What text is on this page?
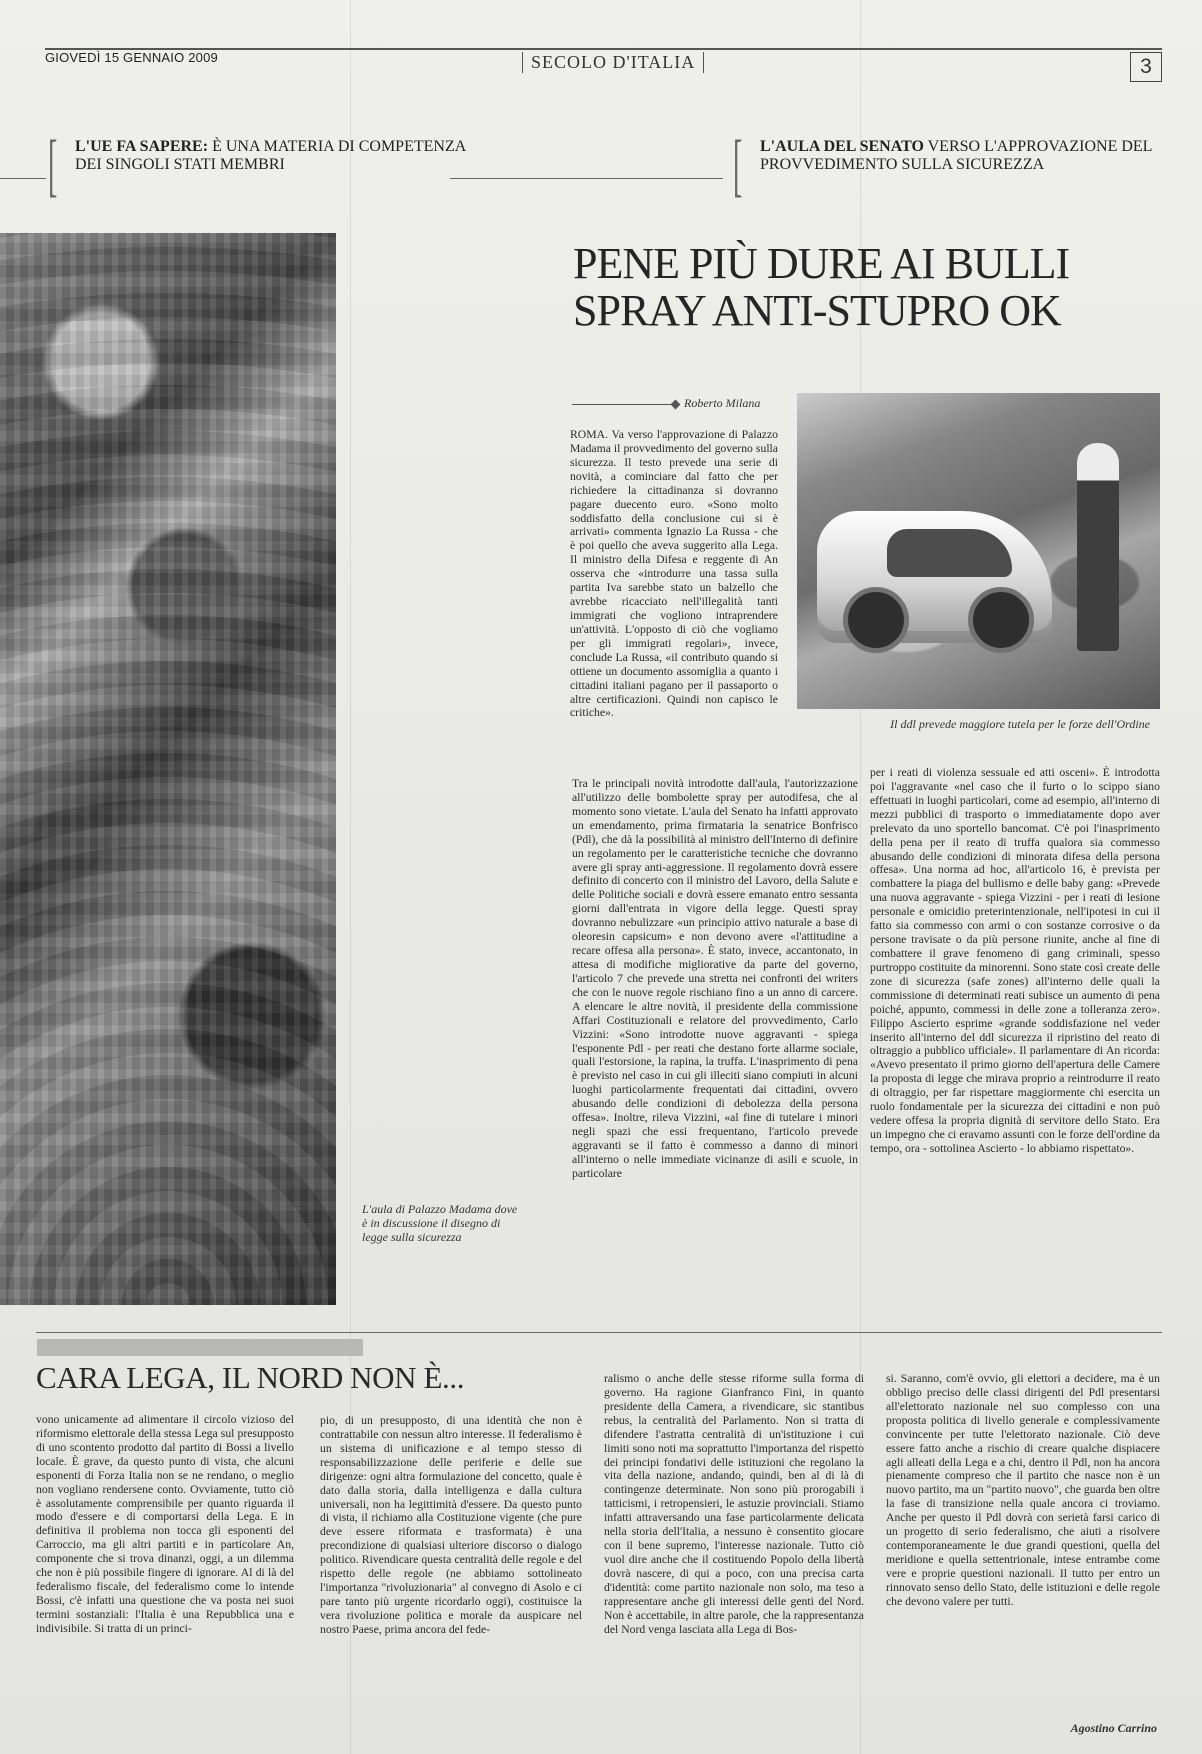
GIOVEDÌ 15 GENNAIO 2009	SECOLO D'ITALIA	3
[ L'UE FA SAPERE: È UNA MATERIA DI COMPETENZA DEI SINGOLI STATI MEMBRI	[ L'AULA DEL SENATO VERSO L'APPROVAZIONE DEL PROVVEDIMENTO SULLA SICUREZZA
PENE PIÙ DURE AI BULLI
SPRAY ANTI-STUPRO OK
L'aula di Palazzo Madama dove è in discussione il disegno di legge sulla sicurezza
Roberto Milana
Il ddl prevede maggiore tutela per le forze dell'Ordine
ROMA. Va verso l'approvazione di Palazzo Madama il provvedimento del governo sulla sicurezza. Il testo prevede una serie di novità, a cominciare dal fatto che per richiedere la cittadinanza si dovranno pagare duecento euro. «Sono molto soddisfatto della conclusione cui si è arrivati» commenta Ignazio La Russa - che è poi quello che aveva suggerito alla Lega. Il ministro della Difesa e reggente di An osserva che «introdurre una tassa sulla partita Iva sarebbe stato un balzello che avrebbe ricacciato nell'illegalità tanti immigrati che vogliono intraprendere un'attività. L'opposto di ciò che vogliamo per gli immigrati regolari», invece, conclude La Russa, «il contributo quando si ottiene un documento assomiglia a quanto i cittadini italiani pagano per il passaporto o altre certificazioni. Quindi non capisco le critiche».
Tra le principali novità introdotte dall'aula, l'autorizzazione all'utilizzo delle bombolette spray per autodifesa, che al momento sono vietate. L'aula del Senato ha infatti approvato un emendamento, prima firmataria la senatrice Bonfrisco (Pdl), che dà la possibilità al ministro dell'Interno di definire un regolamento per le caratteristiche tecniche che dovranno avere gli spray anti-aggressione. Il regolamento dovrà essere definito di concerto con il ministro del Lavoro, della Salute e delle Politiche sociali e dovrà essere emanato entro sessanta giorni dall'entrata in vigore della legge. Questi spray dovranno nebulizzare «un principio attivo naturale a base di oleoresin capsicum» e non devono avere «l'attitudine a recare offesa alla persona». È stato, invece, accantonato, in attesa di modifiche migliorative da parte del governo, l'articolo 7 che prevede una stretta nei confronti dei writers che con le nuove regole rischiano fino a un anno di carcere. A elencare le altre novità, il presidente della commissione Affari Costituzionali e relatore del provvedimento, Carlo Vizzini: «Sono introdotte nuove aggravanti - spiega l'esponente Pdl - per reati che destano forte allarme sociale, quali l'estorsione, la rapina, la truffa. L'inasprimento di pena è previsto nel caso in cui gli illeciti siano compiuti in alcuni luoghi particolarmente frequentati dai cittadini, ovvero abusando delle condizioni di debolezza della persona offesa». Inoltre, rileva Vizzini, «al fine di tutelare i minori negli spazi che essi frequentano, l'articolo prevede aggravanti se il fatto è commesso a danno di minori all'interno o nelle immediate vicinanze di asili e scuole, in particolare
per i reati di violenza sessuale ed atti osceni». È introdotta poi l'aggravante «nel caso che il furto o lo scippo siano effettuati in luoghi particolari, come ad esempio, all'interno di mezzi pubblici di trasporto o immediatamente dopo aver prelevato da uno sportello bancomat. C'è poi l'inasprimento della pena per il reato di truffa qualora sia commesso abusando delle condizioni di minorata difesa della persona offesa». Una norma ad hoc, all'articolo 16, è prevista per combattere la piaga del bullismo e delle baby gang: «Prevede una nuova aggravante - spiega Vizzini - per i reati di lesione personale e omicidio preterintenzionale, nell'ipotesi in cui il fatto sia commesso con armi o con sostanze corrosive o da persone travisate o da più persone riunite, anche al fine di combattere il grave fenomeno di gang criminali, spesso purtroppo costituite da minorenni. Sono state così create delle zone di sicurezza (safe zones) all'interno delle quali la commissione di determinati reati subisce un aumento di pena poiché, appunto, commessi in delle zone a tolleranza zero». Filippo Ascierto esprime «grande soddisfazione nel veder inserito all'interno del ddl sicurezza il ripristino del reato di oltraggio a pubblico ufficiale». Il parlamentare di An ricorda: «Avevo presentato il primo giorno dell'apertura delle Camere la proposta di legge che mirava proprio a reintrodurre il reato di oltraggio, per far rispettare maggiormente chi esercita un ruolo fondamentale per la sicurezza dei cittadini e non può vedere offesa la propria dignità di servitore dello Stato. Era un impegno che ci eravamo assunti con le forze dell'ordine da tempo, ora - sottolinea Ascierto - lo abbiamo rispettato».
CARA LEGA, IL NORD NON È...
vono unicamente ad alimentare il circolo vizioso del riformismo elettorale della stessa Lega sul presupposto di uno scontento prodotto dal partito di Bossi a livello locale. È grave, da questo punto di vista, che alcuni esponenti di Forza Italia non se ne rendano, o meglio non vogliano rendersene conto. Ovviamente, tutto ciò è assolutamente comprensibile per quanto riguarda il modo d'essere e di comportarsi della Lega. E in definitiva il problema non tocca gli esponenti del Carroccio, ma gli altri partiti e in particolare An, componente che si trova dinanzi, oggi, a un dilemma che non è più possibile fingere di ignorare. Al di là del federalismo fiscale, del federalismo come lo intende Bossi, c'è infatti una questione che va posta nei suoi termini sostanziali: l'Italia è una Repubblica una e indivisibile. Si tratta di un princi-
pio, di un presupposto, di una identità che non è contrattabile con nessun altro interesse. Il federalismo è un sistema di unificazione e al tempo stesso di responsabilizzazione delle periferie e delle sue dirigenze: ogni altra formulazione del concetto, quale è dato dalla storia, dalla intelligenza e dalla cultura universali, non ha legittimità d'essere. Da questo punto di vista, il richiamo alla Costituzione vigente (che pure deve essere riformata e trasformata) è una precondizione di qualsiasi ulteriore discorso o dialogo politico. Rivendicare questa centralità delle regole e del rispetto delle regole (ne abbiamo sottolineato l'importanza "rivoluzionaria" al convegno di Asolo e ci pare tanto più urgente ricordarlo oggi), costituisce la vera rivoluzione politica e morale da auspicare nel nostro Paese, prima ancora del fede-
ralismo o anche delle stesse riforme sulla forma di governo. Ha ragione Gianfranco Fini, in quanto presidente della Camera, a rivendicare, sic stantibus rebus, la centralità del Parlamento. Non si tratta di difendere l'astratta centralità di un'istituzione i cui limiti sono noti ma soprattutto l'importanza del rispetto dei principi fondativi delle istituzioni che regolano la vita della nazione, andando, quindi, ben al di là di contingenze determinate. Non sono più prorogabili i tatticismi, i retropensieri, le astuzie provinciali. Stiamo infatti attraversando una fase particolarmente delicata nella storia dell'Italia, a nessuno è consentito giocare con il bene supremo, l'interesse nazionale. Tutto ciò vuol dire anche che il costituendo Popolo della libertà dovrà nascere, di qui a poco, con una precisa carta d'identità: come partito nazionale non solo, ma teso a rappresentare anche gli interessi delle genti del Nord. Non è accettabile, in altre parole, che la rappresentanza del Nord venga lasciata alla Lega di Bos-
si. Saranno, com'è ovvio, gli elettori a decidere, ma è un obbligo preciso delle classi dirigenti del Pdl presentarsi all'elettorato nazionale nel suo complesso con una proposta politica di livello generale e complessivamente convincente per tutte l'elettorato nazionale. Ciò deve essere fatto anche a rischio di creare qualche dispiacere agli alleati della Lega e a chi, dentro il Pdl, non ha ancora pienamente compreso che il partito che nasce non è un nuovo partito, ma un "partito nuovo", che guarda ben oltre la fase di transizione nella quale ancora ci troviamo. Anche per questo il Pdl dovrà con serietà farsi carico di un progetto di serio federalismo, che aiuti a risolvere contemporaneamente le due grandi questioni, quella del meridione e quella settentrionale, intese entrambe come vere e proprie questioni nazionali. Il tutto per entro un rinnovato senso dello Stato, delle istituzioni e delle regole che devono valere per tutti.
Agostino Carrino
